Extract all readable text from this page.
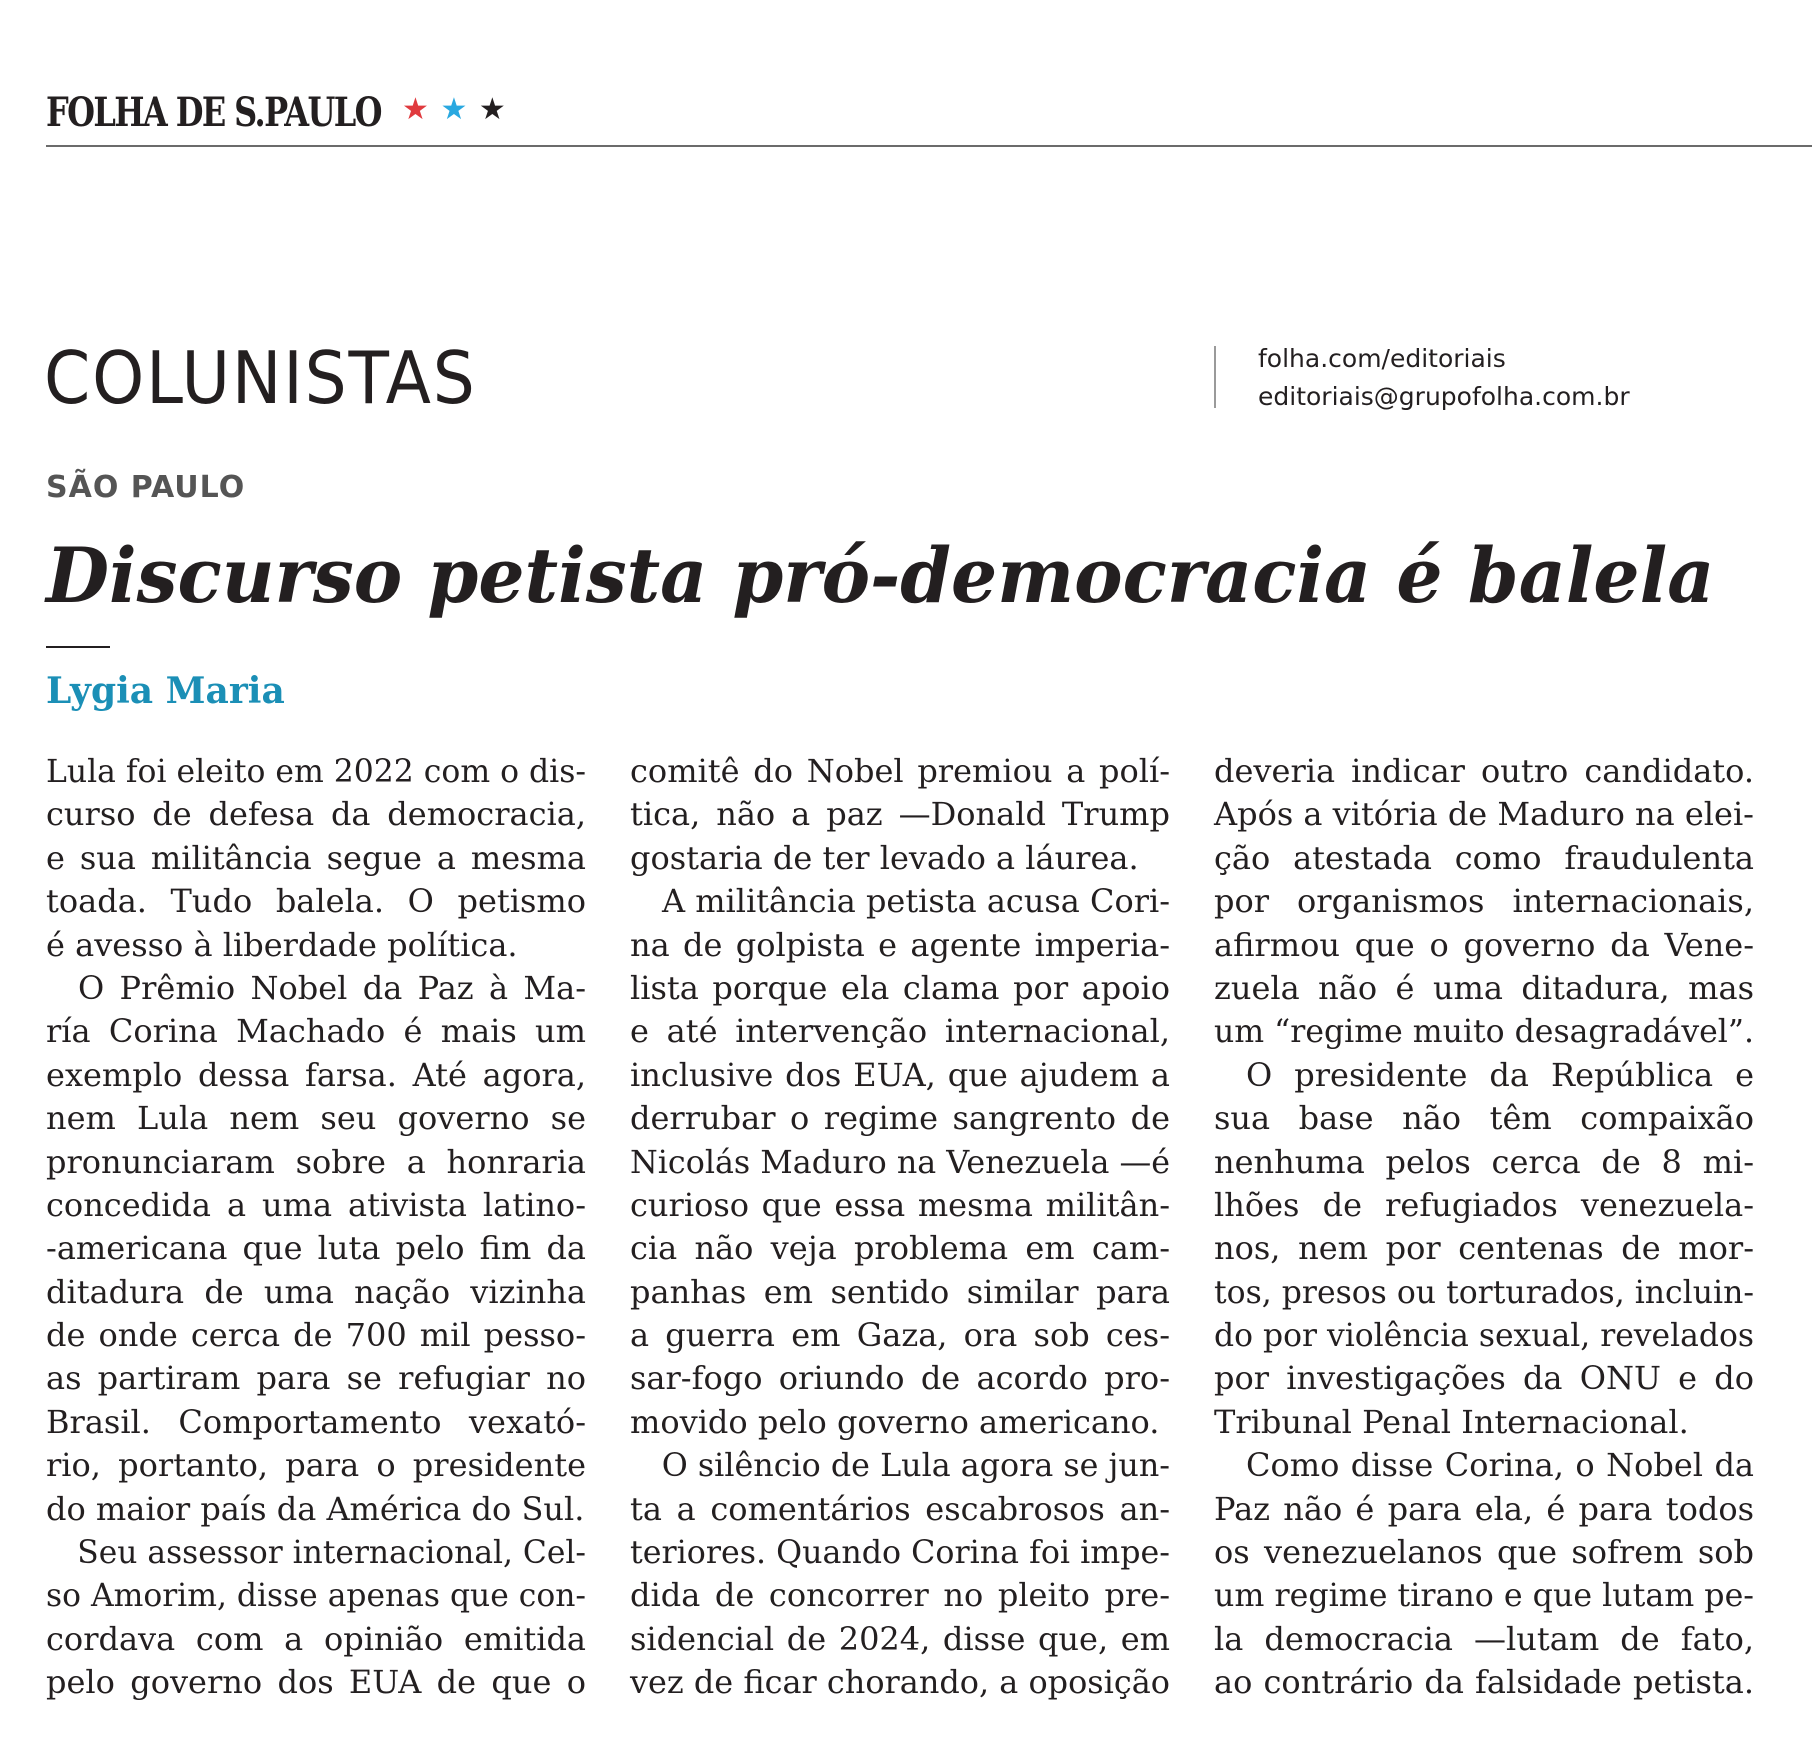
FOLHA DE S.PAULO ★ ★ ★
COLUNISTAS	folha.com/editoriais
editoriais@grupofolha.com.br
SÃO PAULO
Discurso petista pró-democracia é balela
Lygia Maria
Lula foi eleito em 2022 com o dis-
curso de defesa da democracia,
e sua militância segue a mesma
toada. Tudo balela. O petismo
é avesso à liberdade política.
O Prêmio Nobel da Paz à Ma-
ría Corina Machado é mais um
exemplo dessa farsa. Até agora,
nem Lula nem seu governo se
pronunciaram sobre a honraria
concedida a uma ativista latino-
-americana que luta pelo fim da
ditadura de uma nação vizinha
de onde cerca de 700 mil pesso-
as partiram para se refugiar no
Brasil. Comportamento vexató-
rio, portanto, para o presidente
do maior país da América do Sul.
Seu assessor internacional, Cel-
so Amorim, disse apenas que con-
cordava com a opinião emitida
pelo governo dos EUA de que o
comitê do Nobel premiou a polí-
tica, não a paz —Donald Trump
gostaria de ter levado a láurea.
A militância petista acusa Cori-
na de golpista e agente imperia-
lista porque ela clama por apoio
e até intervenção internacional,
inclusive dos EUA, que ajudem a
derrubar o regime sangrento de
Nicolás Maduro na Venezuela —é
curioso que essa mesma militân-
cia não veja problema em cam-
panhas em sentido similar para
a guerra em Gaza, ora sob ces-
sar-fogo oriundo de acordo pro-
movido pelo governo americano.
O silêncio de Lula agora se jun-
ta a comentários escabrosos an-
teriores. Quando Corina foi impe-
dida de concorrer no pleito pre-
sidencial de 2024, disse que, em
vez de ficar chorando, a oposição
deveria indicar outro candidato.
Após a vitória de Maduro na elei-
ção atestada como fraudulenta
por organismos internacionais,
afirmou que o governo da Vene-
zuela não é uma ditadura, mas
um “regime muito desagradável”.
O presidente da República e
sua base não têm compaixão
nenhuma pelos cerca de 8 mi-
lhões de refugiados venezuela-
nos, nem por centenas de mor-
tos, presos ou torturados, incluin-
do por violência sexual, revelados
por investigações da ONU e do
Tribunal Penal Internacional.
Como disse Corina, o Nobel da
Paz não é para ela, é para todos
os venezuelanos que sofrem sob
um regime tirano e que lutam pe-
la democracia —lutam de fato,
ao contrário da falsidade petista.
